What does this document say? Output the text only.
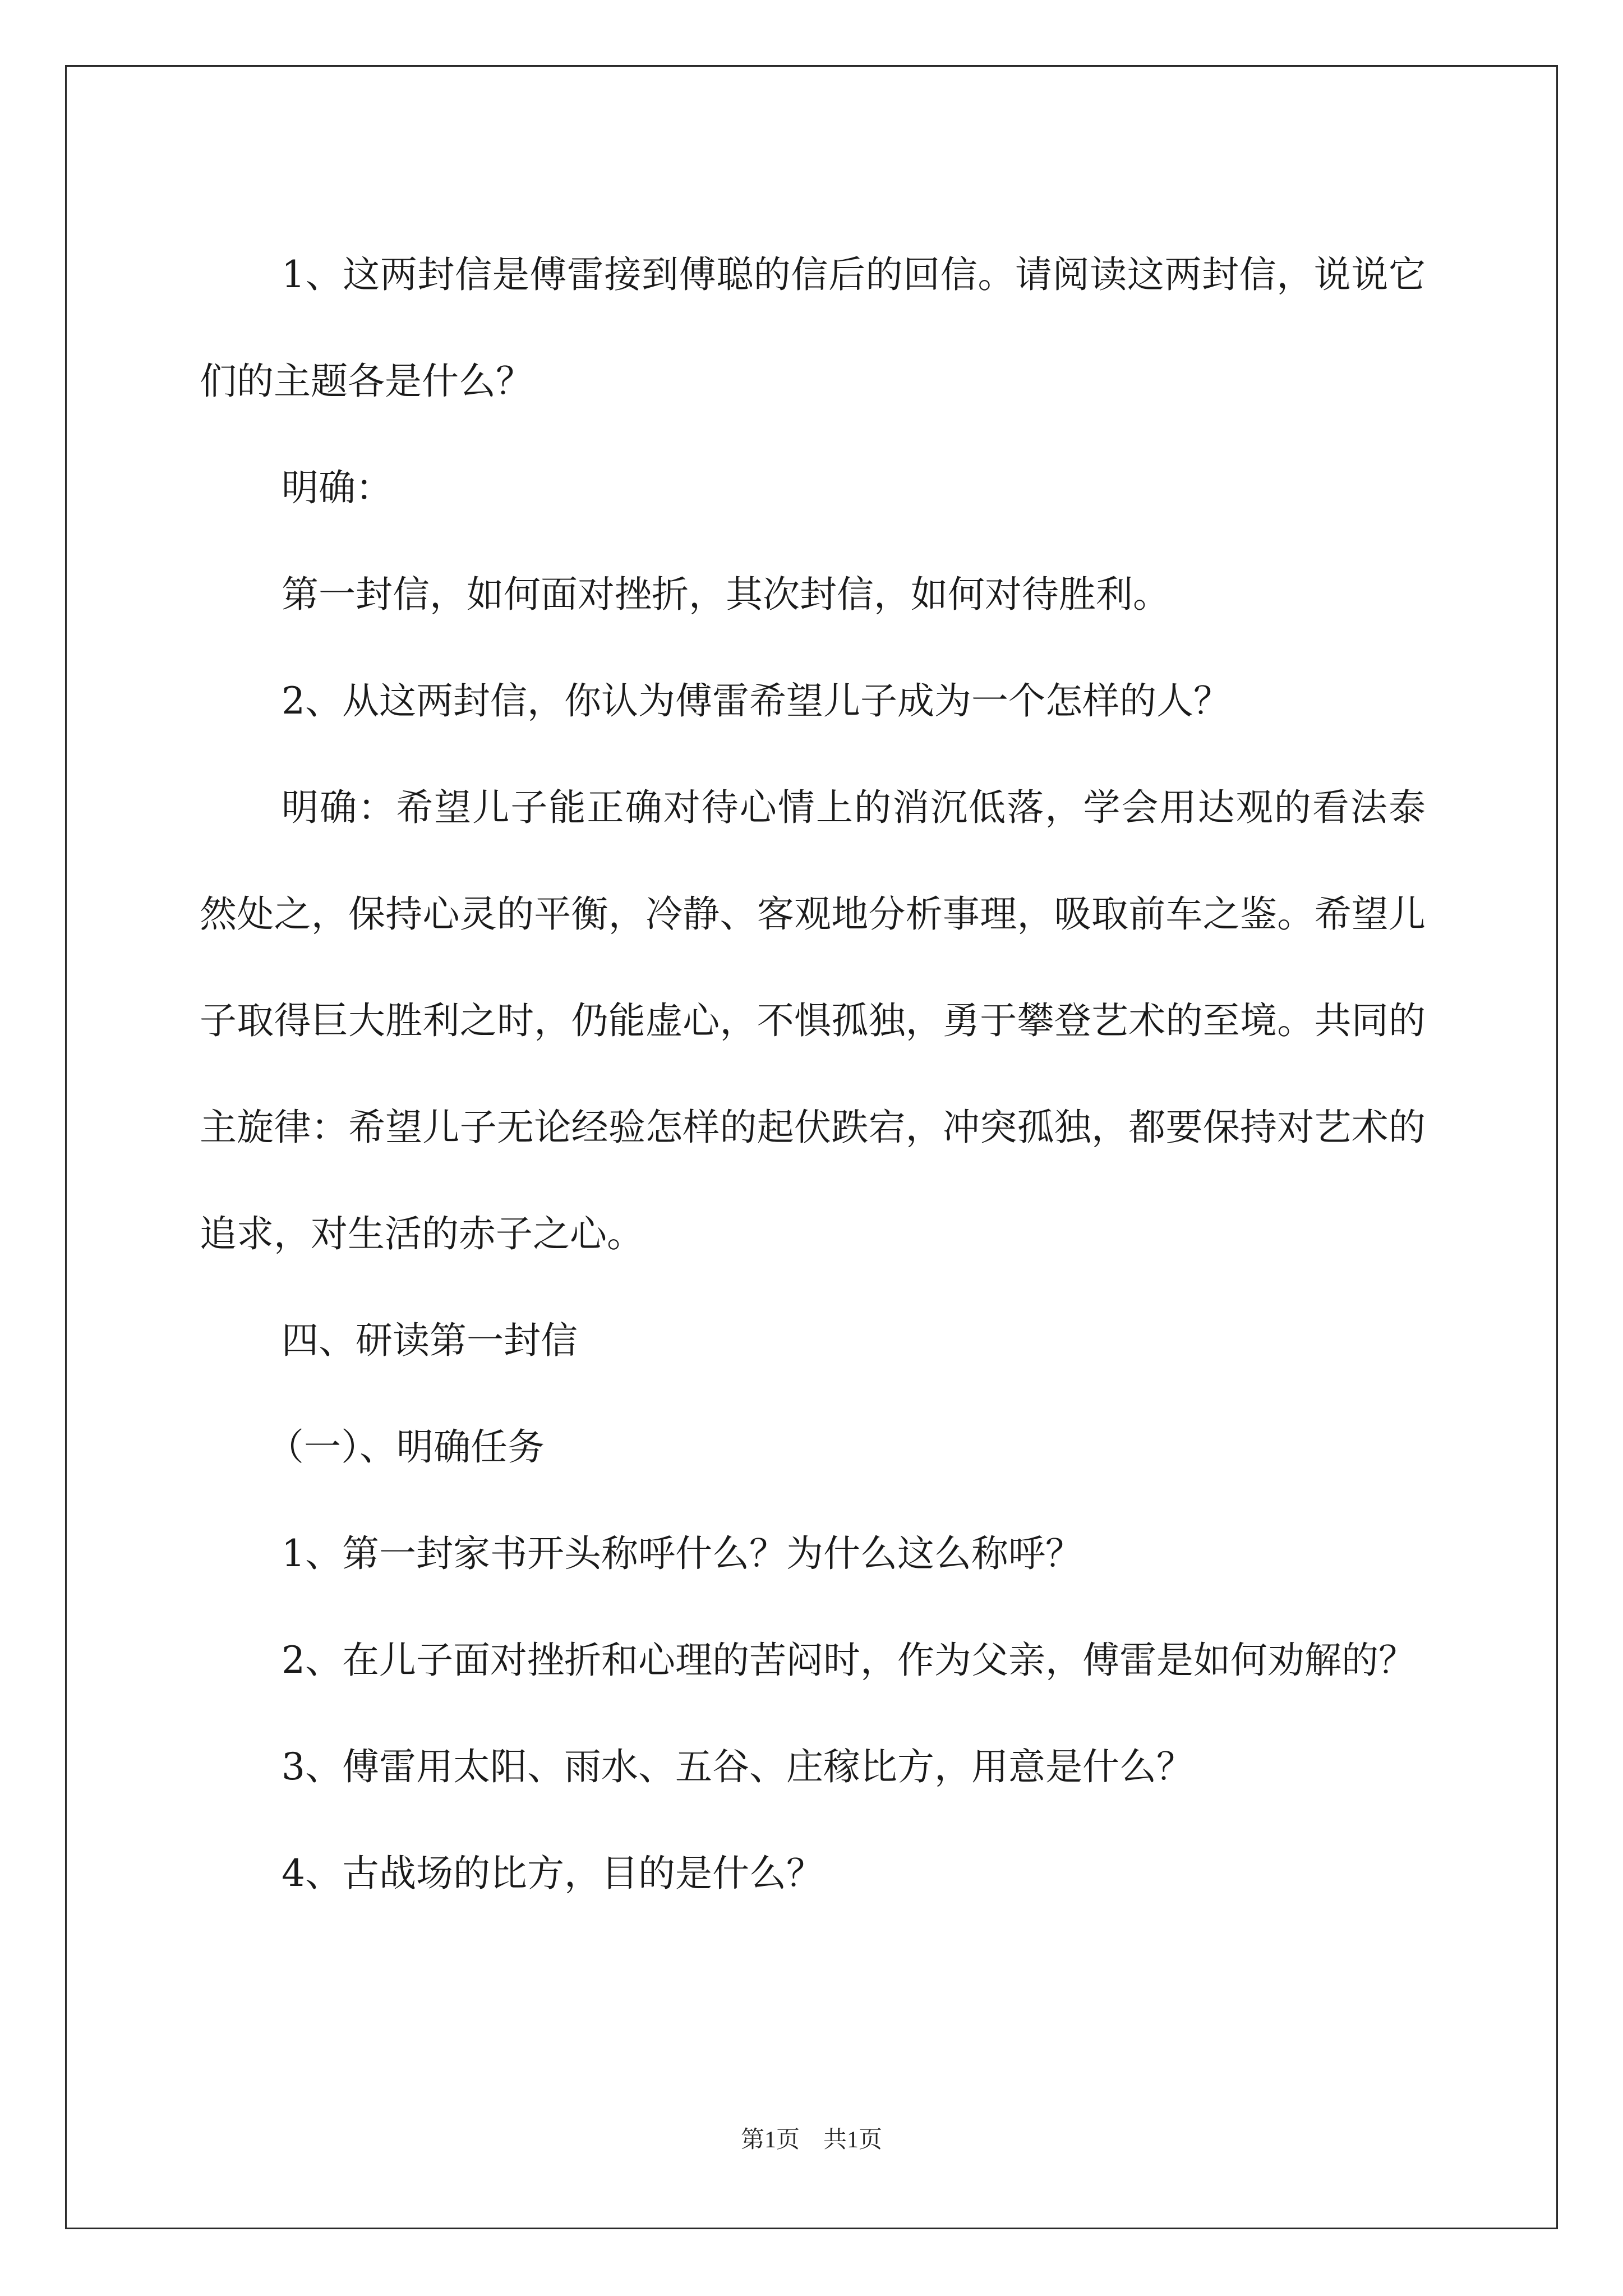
1、这两封信是傅雷接到傅聪的信后的回信。请阅读这两封信，说说它们的主题各是什么？

明确：

第一封信，如何面对挫折，其次封信，如何对待胜利。

2、从这两封信，你认为傅雷希望儿子成为一个怎样的人？

明确：希望儿子能正确对待心情上的消沉低落，学会用达观的看法泰然处之，保持心灵的平衡，冷静、客观地分析事理，吸取前车之鉴。希望儿子取得巨大胜利之时，仍能虚心，不惧孤独，勇于攀登艺术的至境。共同的主旋律：希望儿子无论经验怎样的起伏跌宕，冲突孤独，都要保持对艺术的追求，对生活的赤子之心。

四、研读第一封信

（一）、明确任务

1、第一封家书开头称呼什么？为什么这么称呼？

2、在儿子面对挫折和心理的苦闷时，作为父亲，傅雷是如何劝解的？

3、傅雷用太阳、雨水、五谷、庄稼比方，用意是什么？

4、古战场的比方，目的是什么？

第1页　共1页
